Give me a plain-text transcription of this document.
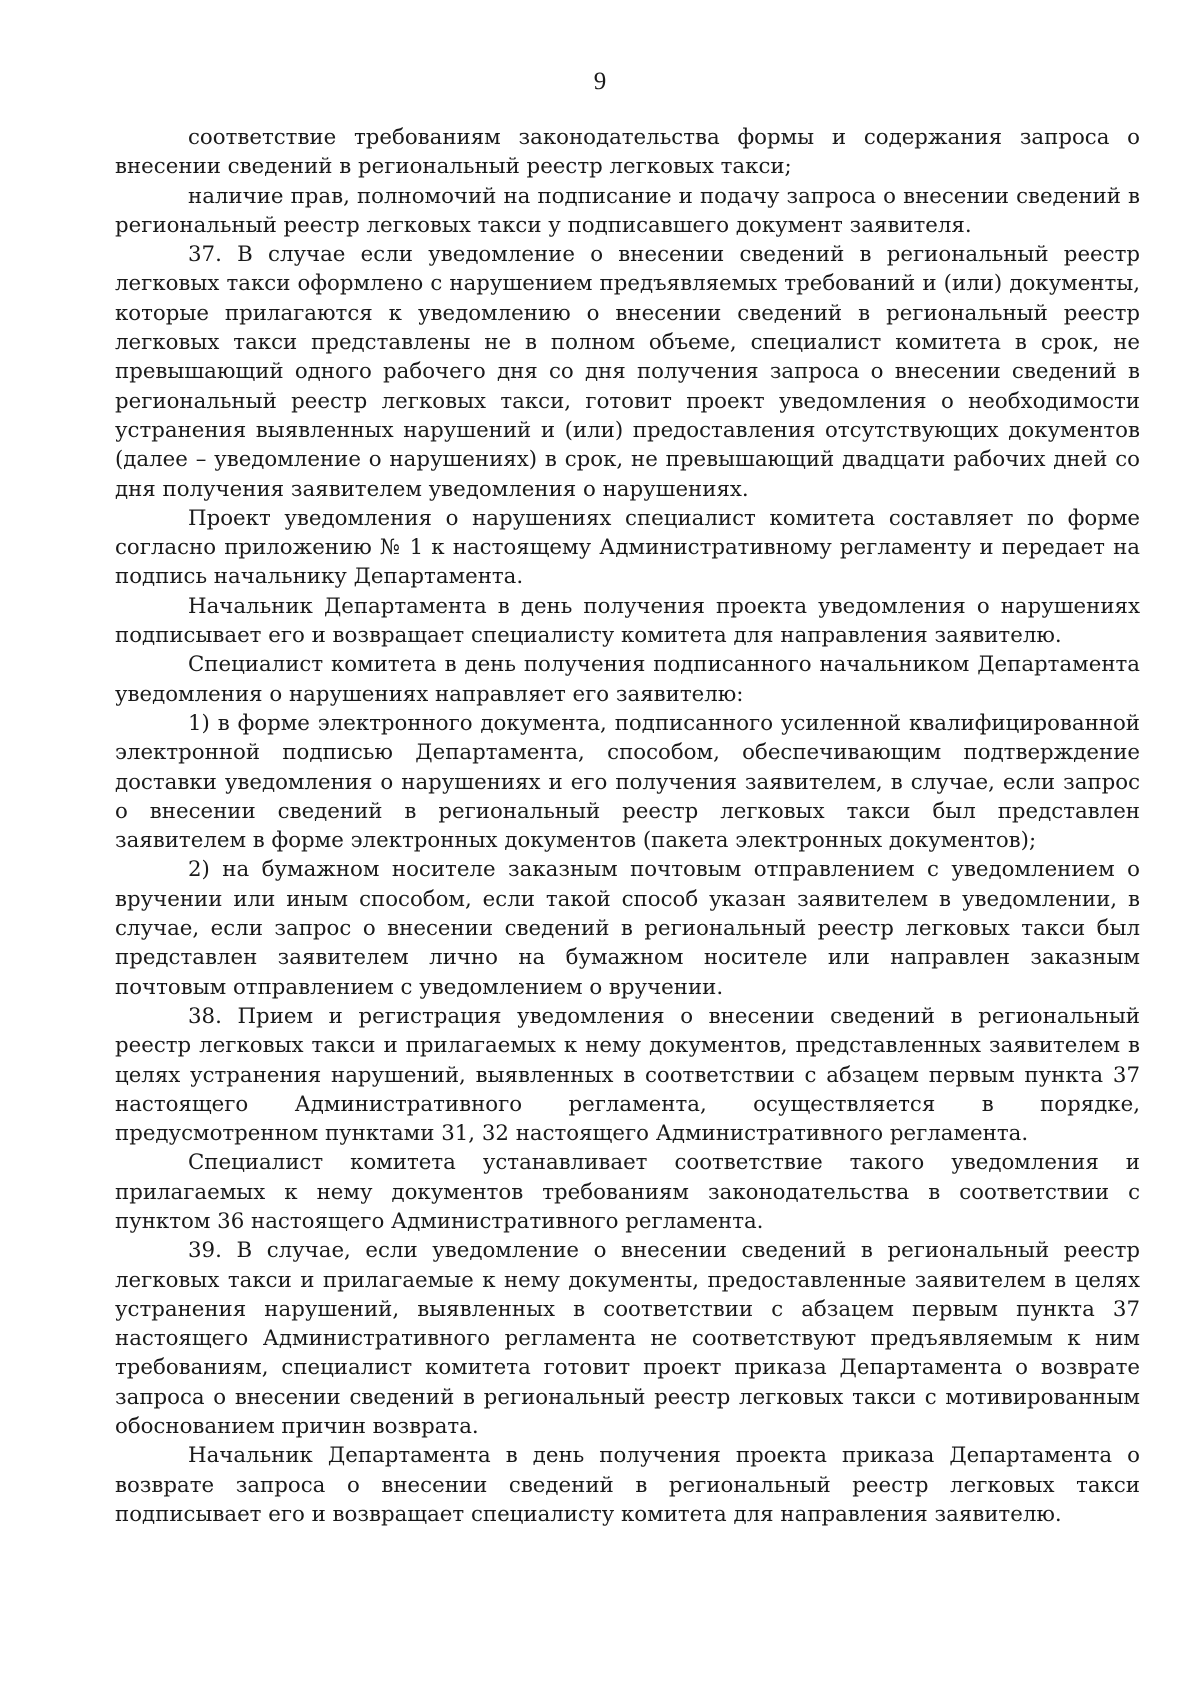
9

соответствие требованиям законодательства формы и содержания запроса о внесении сведений в региональный реестр легковых такси;

наличие прав, полномочий на подписание и подачу запроса о внесении сведений в региональный реестр легковых такси у подписавшего документ заявителя.

37. В случае если уведомление о внесении сведений в региональный реестр легковых такси оформлено с нарушением предъявляемых требований и (или) документы, которые прилагаются к уведомлению о внесении сведений в региональный реестр легковых такси представлены не в полном объеме, специалист комитета в срок, не превышающий одного рабочего дня со дня получения запроса о внесении сведений в региональный реестр легковых такси, готовит проект уведомления о необходимости устранения выявленных нарушений и (или) предоставления отсутствующих документов (далее – уведомление о нарушениях) в срок, не превышающий двадцати рабочих дней со дня получения заявителем уведомления о нарушениях.

Проект уведомления о нарушениях специалист комитета составляет по форме согласно приложению № 1 к настоящему Административному регламенту и передает на подпись начальнику Департамента.

Начальник Департамента в день получения проекта уведомления о нарушениях подписывает его и возвращает специалисту комитета для направления заявителю.

Специалист комитета в день получения подписанного начальником Департамента уведомления о нарушениях направляет его заявителю:

1) в форме электронного документа, подписанного усиленной квалифицированной электронной подписью Департамента, способом, обеспечивающим подтверждение доставки уведомления о нарушениях и его получения заявителем, в случае, если запрос о внесении сведений в региональный реестр легковых такси был представлен заявителем в форме электронных документов (пакета электронных документов);

2) на бумажном носителе заказным почтовым отправлением с уведомлением о вручении или иным способом, если такой способ указан заявителем в уведомлении, в случае, если запрос о внесении сведений в региональный реестр легковых такси был представлен заявителем лично на бумажном носителе или направлен заказным почтовым отправлением с уведомлением о вручении.

38. Прием и регистрация уведомления о внесении сведений в региональный реестр легковых такси и прилагаемых к нему документов, представленных заявителем в целях устранения нарушений, выявленных в соответствии с абзацем первым пункта 37 настоящего Административного регламента, осуществляется в порядке, предусмотренном пунктами 31, 32 настоящего Административного регламента.

Специалист комитета устанавливает соответствие такого уведомления и прилагаемых к нему документов требованиям законодательства в соответствии с пунктом 36 настоящего Административного регламента.

39. В случае, если уведомление о внесении сведений в региональный реестр легковых такси и прилагаемые к нему документы, предоставленные заявителем в целях устранения нарушений, выявленных в соответствии с абзацем первым пункта 37 настоящего Административного регламента не соответствуют предъявляемым к ним требованиям, специалист комитета готовит проект приказа Департамента о возврате запроса о внесении сведений в региональный реестр легковых такси с мотивированным обоснованием причин возврата.

Начальник Департамента в день получения проекта приказа Департамента о возврате запроса о внесении сведений в региональный реестр легковых такси подписывает его и возвращает специалисту комитета для направления заявителю.
